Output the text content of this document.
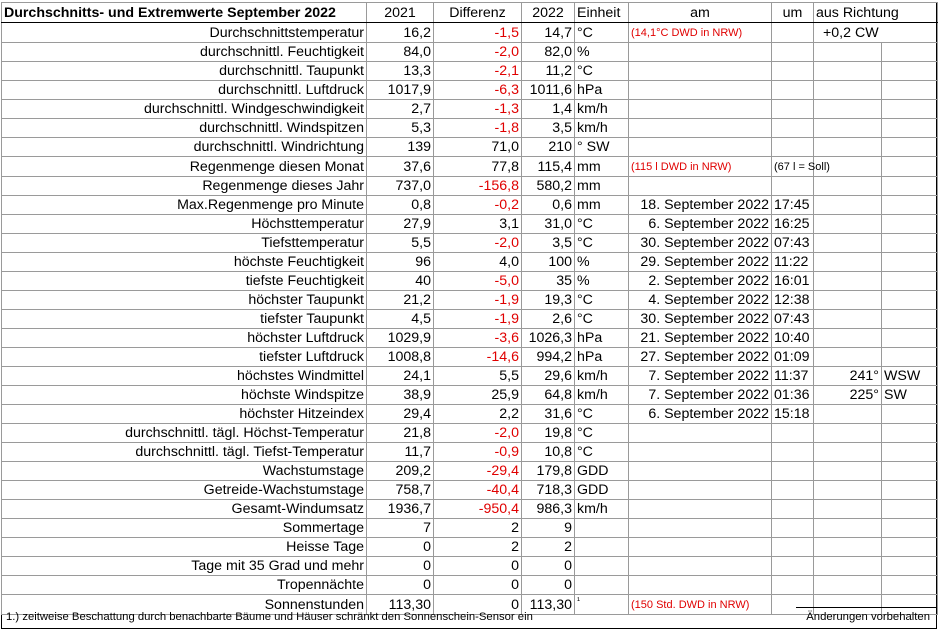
Durchschnitts- und Extremwerte September 2022	2021	Differenz	2022	Einheit	am	um	aus Richtung	
Durchschnittstemperatur	16,2	-1,5	14,7	°C	(14,1°C DWD in NRW)		+0,2 CW	
durchschnittl. Feuchtigkeit	84,0	-2,0	82,0	%				
durchschnittl. Taupunkt	13,3	-2,1	11,2	°C				
durchschnittl. Luftdruck	1017,9	-6,3	1011,6	hPa				
durchschnittl. Windgeschwindigkeit	2,7	-1,3	1,4	km/h				
durchschnittl. Windspitzen	5,3	-1,8	3,5	km/h				
durchschnittl. Windrichtung	139	71,0	210	° SW				
Regenmenge diesen Monat	37,6	77,8	115,4	mm	(115 l DWD in NRW)	(67 l = Soll)		
Regenmenge dieses Jahr	737,0	-156,8	580,2	mm				
Max.Regenmenge pro Minute	0,8	-0,2	0,6	mm	18. September 2022	17:45		
Höchsttemperatur	27,9	3,1	31,0	°C	6. September 2022	16:25		
Tiefsttemperatur	5,5	-2,0	3,5	°C	30. September 2022	07:43		
höchste Feuchtigkeit	96	4,0	100	%	29. September 2022	11:22		
tiefste Feuchtigkeit	40	-5,0	35	%	2. September 2022	16:01		
höchster Taupunkt	21,2	-1,9	19,3	°C	4. September 2022	12:38		
tiefster Taupunkt	4,5	-1,9	2,6	°C	30. September 2022	07:43		
höchster Luftdruck	1029,9	-3,6	1026,3	hPa	21. September 2022	10:40		
tiefster Luftdruck	1008,8	-14,6	994,2	hPa	27. September 2022	01:09		
höchstes Windmittel	24,1	5,5	29,6	km/h	7. September 2022	11:37	241°	WSW
höchste Windspitze	38,9	25,9	64,8	km/h	7. September 2022	01:36	225°	SW
höchster Hitzeindex	29,4	2,2	31,6	°C	6. September 2022	15:18		
durchschnittl. tägl. Höchst-Temperatur	21,8	-2,0	19,8	°C				
durchschnittl. tägl. Tiefst-Temperatur	11,7	-0,9	10,8	°C				
Wachstumstage	209,2	-29,4	179,8	GDD				
Getreide-Wachstumstage	758,7	-40,4	718,3	GDD				
Gesamt-Windumsatz	1936,7	-950,4	986,3	km/h				
Sommertage	7	2	9					
Heisse Tage	0	2	2					
Tage mit 35 Grad und mehr	0	0	0					
Tropennächte	0	0	0					
Sonnenstunden	113,30	0	113,30	$^{^1}$	(150 Std. DWD in NRW)			
1.) zeitweise Beschattung durch benachbarte Bäume und Häuser schränkt den Sonnenschein-Sensor ein	Änderungen vorbehalten
